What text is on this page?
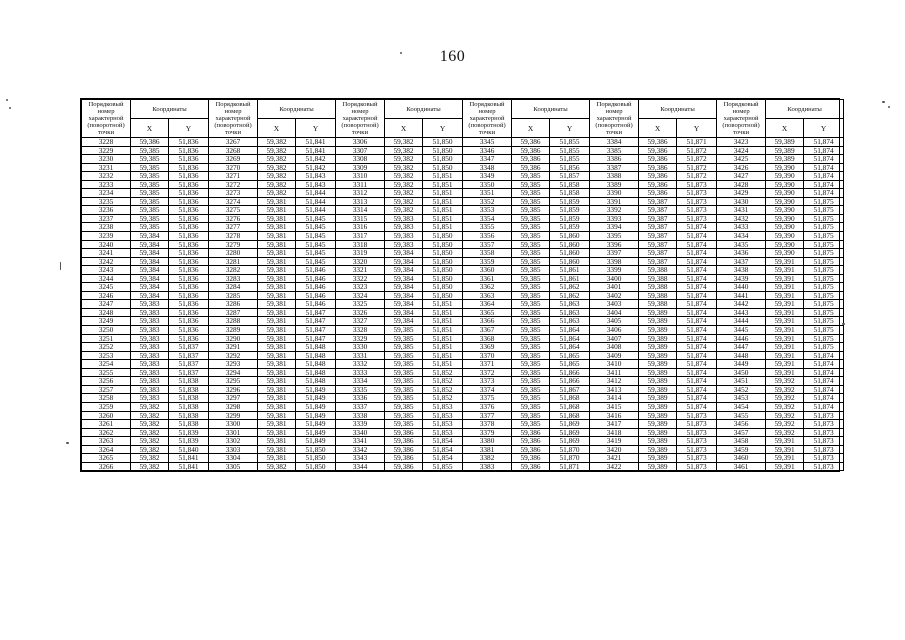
160
Порядковый номер характерной (поворотной) точки	Координаты		Порядковый номер характерной (поворотной) точки	Координаты		Порядковый номер характерной (поворотной) точки	Координаты		Порядковый номер характерной (поворотной) точки	Координаты		Порядковый номер характерной (поворотной) точки	Координаты		Порядковый номер характерной (поворотной) точки	Координаты	
	X	Y		X	Y		X	Y		X	Y		X	Y		X	Y
3228	59,386	51,836	3267	59,382	51,841	3306	59,382	51,850	3345	59,386	51,855	3384	59,386	51,871	3423	59,389	51,874
3229	59,385	51,836	3268	59,382	51,841	3307	59,382	51,850	3346	59,386	51,855	3385	59,386	51,872	3424	59,389	51,874
3230	59,385	51,836	3269	59,382	51,842	3308	59,382	51,850	3347	59,386	51,855	3386	59,386	51,872	3425	59,389	51,874
3231	59,385	51,836	3270	59,382	51,842	3309	59,382	51,850	3348	59,386	51,856	3387	59,386	51,872	3426	59,390	51,874
3232	59,385	51,836	3271	59,382	51,843	3310	59,382	51,851	3349	59,385	51,857	3388	59,386	51,872	3427	59,390	51,874
3233	59,385	51,836	3272	59,382	51,843	3311	59,382	51,851	3350	59,385	51,858	3389	59,386	51,873	3428	59,390	51,874
3234	59,385	51,836	3273	59,382	51,844	3312	59,382	51,851	3351	59,385	51,858	3390	59,386	51,873	3429	59,390	51,874
3235	59,385	51,836	3274	59,381	51,844	3313	59,382	51,851	3352	59,385	51,859	3391	59,387	51,873	3430	59,390	51,875
3236	59,385	51,836	3275	59,381	51,844	3314	59,382	51,851	3353	59,385	51,859	3392	59,387	51,873	3431	59,390	51,875
3237	59,385	51,836	3276	59,381	51,845	3315	59,383	51,851	3354	59,385	51,859	3393	59,387	51,873	3432	59,390	51,875
3238	59,385	51,836	3277	59,381	51,845	3316	59,383	51,851	3355	59,385	51,859	3394	59,387	51,874	3433	59,390	51,875
3239	59,384	51,836	3278	59,381	51,845	3317	59,383	51,850	3356	59,385	51,860	3395	59,387	51,874	3434	59,390	51,875
3240	59,384	51,836	3279	59,381	51,845	3318	59,383	51,850	3357	59,385	51,860	3396	59,387	51,874	3435	59,390	51,875
3241	59,384	51,836	3280	59,381	51,845	3319	59,384	51,850	3358	59,385	51,860	3397	59,387	51,874	3436	59,390	51,875
3242	59,384	51,836	3281	59,381	51,845	3320	59,384	51,850	3359	59,385	51,860	3398	59,387	51,874	3437	59,391	51,875
3243	59,384	51,836	3282	59,381	51,846	3321	59,384	51,850	3360	59,385	51,861	3399	59,388	51,874	3438	59,391	51,875
3244	59,384	51,836	3283	59,381	51,846	3322	59,384	51,850	3361	59,385	51,861	3400	59,388	51,874	3439	59,391	51,875
3245	59,384	51,836	3284	59,381	51,846	3323	59,384	51,850	3362	59,385	51,862	3401	59,388	51,874	3440	59,391	51,875
3246	59,384	51,836	3285	59,381	51,846	3324	59,384	51,850	3363	59,385	51,862	3402	59,388	51,874	3441	59,391	51,875
3247	59,383	51,836	3286	59,381	51,846	3325	59,384	51,851	3364	59,385	51,863	3403	59,388	51,874	3442	59,391	51,875
3248	59,383	51,836	3287	59,381	51,847	3326	59,384	51,851	3365	59,385	51,863	3404	59,389	51,874	3443	59,391	51,875
3249	59,383	51,836	3288	59,381	51,847	3327	59,384	51,851	3366	59,385	51,863	3405	59,389	51,874	3444	59,391	51,875
3250	59,383	51,836	3289	59,381	51,847	3328	59,385	51,851	3367	59,385	51,864	3406	59,389	51,874	3445	59,391	51,875
3251	59,383	51,836	3290	59,381	51,847	3329	59,385	51,851	3368	59,385	51,864	3407	59,389	51,874	3446	59,391	51,875
3252	59,383	51,837	3291	59,381	51,848	3330	59,385	51,851	3369	59,385	51,864	3408	59,389	51,874	3447	59,391	51,875
3253	59,383	51,837	3292	59,381	51,848	3331	59,385	51,851	3370	59,385	51,865	3409	59,389	51,874	3448	59,391	51,874
3254	59,383	51,837	3293	59,381	51,848	3332	59,385	51,851	3371	59,385	51,865	3410	59,389	51,874	3449	59,391	51,874
3255	59,383	51,837	3294	59,381	51,848	3333	59,385	51,852	3372	59,385	51,866	3411	59,389	51,874	3450	59,391	51,874
3256	59,383	51,838	3295	59,381	51,848	3334	59,385	51,852	3373	59,385	51,866	3412	59,389	51,874	3451	59,392	51,874
3257	59,383	51,838	3296	59,381	51,849	3335	59,385	51,852	3374	59,385	51,867	3413	59,389	51,874	3452	59,392	51,874
3258	59,383	51,838	3297	59,381	51,849	3336	59,385	51,852	3375	59,385	51,868	3414	59,389	51,874	3453	59,392	51,874
3259	59,382	51,838	3298	59,381	51,849	3337	59,385	51,853	3376	59,385	51,868	3415	59,389	51,874	3454	59,392	51,874
3260	59,382	51,838	3299	59,381	51,849	3338	59,385	51,853	3377	59,385	51,868	3416	59,389	51,873	3455	59,392	51,873
3261	59,382	51,838	3300	59,381	51,849	3339	59,385	51,853	3378	59,385	51,869	3417	59,389	51,873	3456	59,392	51,873
3262	59,382	51,839	3301	59,381	51,849	3340	59,386	51,853	3379	59,386	51,869	3418	59,389	51,873	3457	59,392	51,873
3263	59,382	51,839	3302	59,381	51,849	3341	59,386	51,854	3380	59,386	51,869	3419	59,389	51,873	3458	59,391	51,873
3264	59,382	51,840	3303	59,381	51,850	3342	59,386	51,854	3381	59,386	51,870	3420	59,389	51,873	3459	59,391	51,873
3265	59,382	51,841	3304	59,381	51,850	3343	59,386	51,854	3382	59,386	51,870	3421	59,389	51,873	3460	59,391	51,873
3266	59,382	51,841	3305	59,382	51,850	3344	59,386	51,855	3383	59,386	51,871	3422	59,389	51,873	3461	59,391	51,873
